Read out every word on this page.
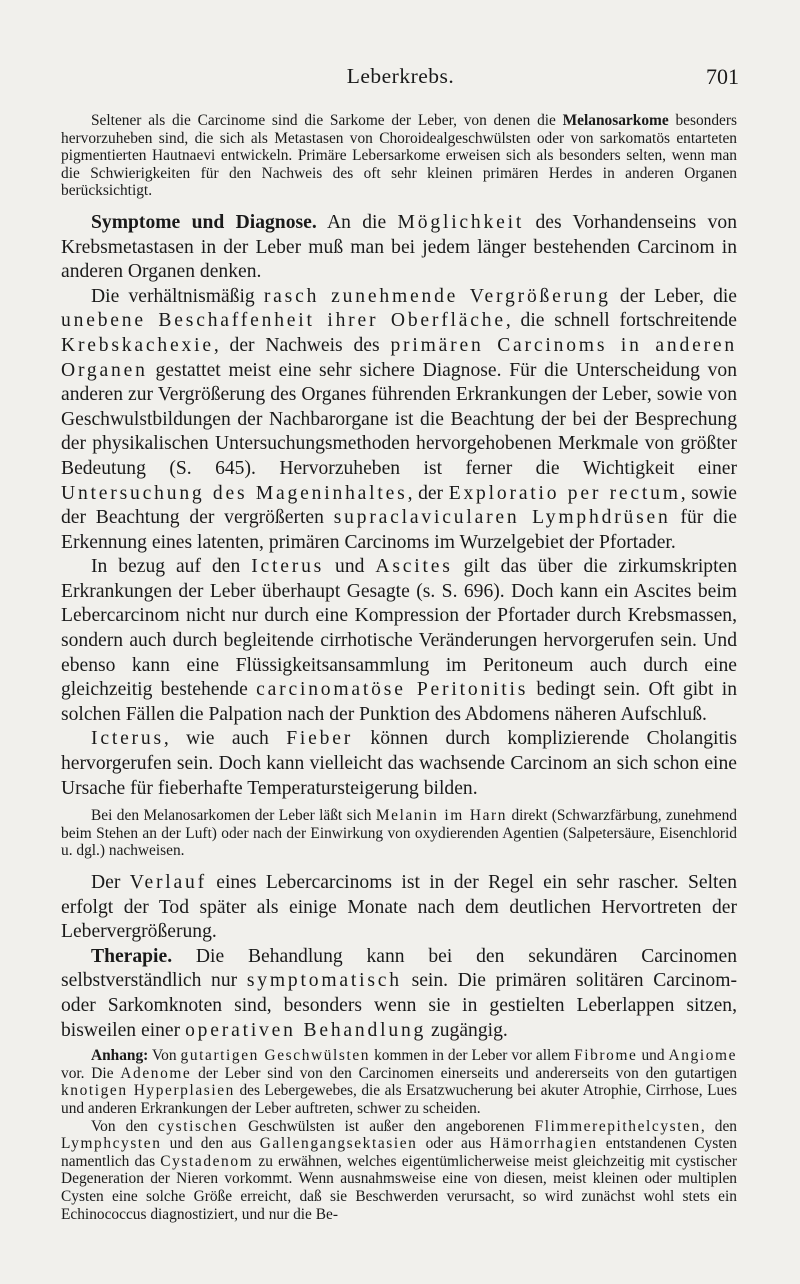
Leberkrebs.	701

Seltener als die Carcinome sind die Sarkome der Leber, von denen die Melanosarkome besonders hervorzuheben sind, die sich als Metastasen von Choroidealgeschwülsten oder von sarkomatös entarteten pigmentierten Hautnaevi entwickeln. Primäre Lebersarkome erweisen sich als besonders selten, wenn man die Schwierigkeiten für den Nachweis des oft sehr kleinen primären Herdes in anderen Organen berücksichtigt.

Symptome und Diagnose. An die Möglichkeit des Vorhandenseins von Krebsmetastasen in der Leber muß man bei jedem länger bestehenden Carcinom in anderen Organen denken.

Die verhältnismäßig rasch zunehmende Vergrößerung der Leber, die unebene Beschaffenheit ihrer Oberfläche, die schnell fortschreitende Krebskachexie, der Nachweis des primären Carcinoms in anderen Organen gestattet meist eine sehr sichere Diagnose. Für die Unterscheidung von anderen zur Vergrößerung des Organes führenden Erkrankungen der Leber, sowie von Geschwulstbildungen der Nachbarorgane ist die Beachtung der bei der Besprechung der physikalischen Untersuchungsmethoden hervorgehobenen Merkmale von größter Bedeutung (S. 645). Hervorzuheben ist ferner die Wichtigkeit einer Untersuchung des Mageninhaltes, der Exploratio per rectum, sowie der Beachtung der vergrößerten supraclavicularen Lymphdrüsen für die Erkennung eines latenten, primären Carcinoms im Wurzelgebiet der Pfortader.

In bezug auf den Icterus und Ascites gilt das über die zirkumskripten Erkrankungen der Leber überhaupt Gesagte (s. S. 696). Doch kann ein Ascites beim Lebercarcinom nicht nur durch eine Kompression der Pfortader durch Krebsmassen, sondern auch durch begleitende cirrhotische Veränderungen hervorgerufen sein. Und ebenso kann eine Flüssigkeitsansammlung im Peritoneum auch durch eine gleichzeitig bestehende carcinomatöse Peritonitis bedingt sein. Oft gibt in solchen Fällen die Palpation nach der Punktion des Abdomens näheren Aufschluß.

Icterus, wie auch Fieber können durch komplizierende Cholangitis hervorgerufen sein. Doch kann vielleicht das wachsende Carcinom an sich schon eine Ursache für fieberhafte Temperatursteigerung bilden.

Bei den Melanosarkomen der Leber läßt sich Melanin im Harn direkt (Schwarzfärbung, zunehmend beim Stehen an der Luft) oder nach der Einwirkung von oxydierenden Agentien (Salpetersäure, Eisenchlorid u. dgl.) nachweisen.

Der Verlauf eines Lebercarcinoms ist in der Regel ein sehr rascher. Selten erfolgt der Tod später als einige Monate nach dem deutlichen Hervortreten der Lebervergrößerung.

Therapie. Die Behandlung kann bei den sekundären Carcinomen selbstverständlich nur symptomatisch sein. Die primären solitären Carcinom- oder Sarkomknoten sind, besonders wenn sie in gestielten Leberlappen sitzen, bisweilen einer operativen Behandlung zugängig.

Anhang: Von gutartigen Geschwülsten kommen in der Leber vor allem Fibrome und Angiome vor. Die Adenome der Leber sind von den Carcinomen einerseits und andererseits von den gutartigen knotigen Hyperplasien des Lebergewebes, die als Ersatzwucherung bei akuter Atrophie, Cirrhose, Lues und anderen Erkrankungen der Leber auftreten, schwer zu scheiden.

Von den cystischen Geschwülsten ist außer den angeborenen Flimmerepithelcysten, den Lymphcysten und den aus Gallengangsektasien oder aus Hämorrhagien entstandenen Cysten namentlich das Cystadenom zu erwähnen, welches eigentümlicherweise meist gleichzeitig mit cystischer Degeneration der Nieren vorkommt. Wenn ausnahmsweise eine von diesen, meist kleinen oder multiplen Cysten eine solche Größe erreicht, daß sie Beschwerden verursacht, so wird zunächst wohl stets ein Echinococcus diagnostiziert, und nur die Be-
